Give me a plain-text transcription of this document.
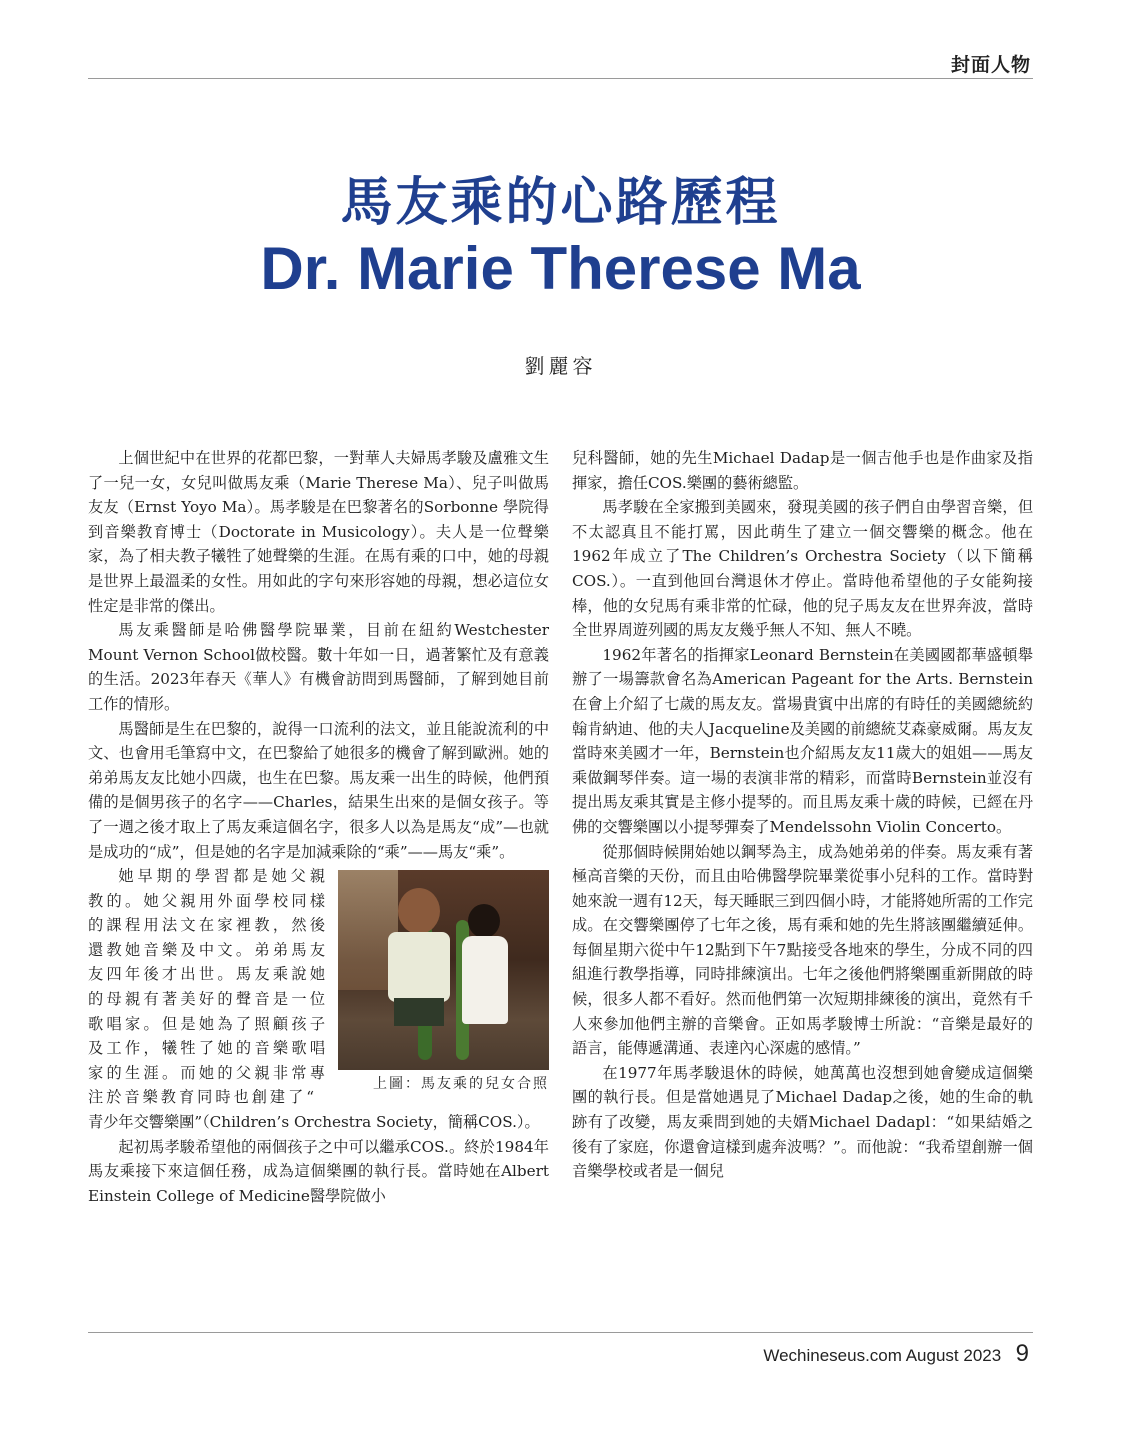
封面人物
馬友乘的心路歷程
Dr. Marie Therese Ma
劉麗容

上個世紀中在世界的花都巴黎，一對華人夫婦馬孝駿及盧雅文生了一兒一女，女兒叫做馬友乘（Marie Therese Ma）、兒子叫做馬友友（Ernst Yoyo Ma）。馬孝駿是在巴黎著名的Sorbonne 學院得到音樂教育博士（Doctorate in Musicology）。夫人是一位聲樂家，為了相夫教子犧牲了她聲樂的生涯。在馬有乘的口中，她的母親是世界上最溫柔的女性。用如此的字句來形容她的母親，想必這位女性定是非常的傑出。

馬友乘醫師是哈佛醫學院畢業，目前在紐約Westchester Mount Vernon School做校醫。數十年如一日，過著繁忙及有意義的生活。2023年春天《華人》有機會訪問到馬醫師，了解到她目前工作的情形。

馬醫師是生在巴黎的，說得一口流利的法文，並且能說流利的中文、也會用毛筆寫中文，在巴黎給了她很多的機會了解到歐洲。她的弟弟馬友友比她小四歲，也生在巴黎。馬友乘一出生的時候，他們預備的是個男孩子的名字——Charles，結果生出來的是個女孩子。等了一週之後才取上了馬友乘這個名字，很多人以為是馬友“成”—也就是成功的“成”，但是她的名字是加減乘除的“乘”——馬友“乘”。

上圖：馬友乘的兒女合照

她早期的學習都是她父親教的。她父親用外面學校同樣的課程用法文在家裡教，然後還教她音樂及中文。弟弟馬友友四年後才出世。馬友乘說她的母親有著美好的聲音是一位歌唱家。但是她為了照顧孩子及工作，犧牲了她的音樂歌唱家的生涯。而她的父親非常專注於音樂教育同時也創建了“

青少年交響樂團”（Children’s Orchestra Society，簡稱COS.）。

起初馬孝駿希望他的兩個孩子之中可以繼承COS.。終於1984年馬友乘接下來這個任務，成為這個樂團的執行長。當時她在Albert Einstein College of Medicine醫學院做小

兒科醫師，她的先生Michael Dadap是一個吉他手也是作曲家及指揮家，擔任COS.樂團的藝術總監。

馬孝駿在全家搬到美國來，發現美國的孩子們自由學習音樂，但不太認真且不能打罵，因此萌生了建立一個交響樂的概念。他在1962年成立了The Children’s Orchestra Society（以下簡稱COS.）。一直到他回台灣退休才停止。當時他希望他的子女能夠接棒，他的女兒馬有乘非常的忙碌，他的兒子馬友友在世界奔波，當時全世界周遊列國的馬友友幾乎無人不知、無人不曉。

1962年著名的指揮家Leonard Bernstein在美國國都華盛頓舉辦了一場籌款會名為American Pageant for the Arts. Bernstein在會上介紹了七歲的馬友友。當場貴賓中出席的有時任的美國總統約翰肯納迪、他的夫人Jacqueline及美國的前總統艾森豪威爾。馬友友當時來美國才一年，Bernstein也介紹馬友友11歲大的姐姐——馬友乘做鋼琴伴奏。這一場的表演非常的精彩，而當時Bernstein並沒有提出馬友乘其實是主修小提琴的。而且馬友乘十歲的時候，已經在丹佛的交響樂團以小提琴彈奏了Mendelssohn Violin Concerto。

從那個時候開始她以鋼琴為主，成為她弟弟的伴奏。馬友乘有著極高音樂的天份，而且由哈佛醫學院畢業從事小兒科的工作。當時對她來說一週有12天，每天睡眠三到四個小時，才能將她所需的工作完成。在交響樂團停了七年之後，馬有乘和她的先生將該團繼續延伸。每個星期六從中午12點到下午7點接受各地來的學生，分成不同的四組進行教學指導，同時排練演出。七年之後他們將樂團重新開啟的時候，很多人都不看好。然而他們第一次短期排練後的演出，竟然有千人來參加他們主辦的音樂會。正如馬孝駿博士所說：“音樂是最好的語言，能傳遞溝通、表達內心深處的感情。”

在1977年馬孝駿退休的時候，她萬萬也沒想到她會變成這個樂團的執行長。但是當她遇見了Michael Dadap之後，她的生命的軌跡有了改變，馬友乘問到她的夫婿Michael Dadapl：“如果結婚之後有了家庭，你還會這樣到處奔波嗎？”。而他說：“我希望創辦一個音樂學校或者是一個兒

Wechineseus.com August 2023 9
